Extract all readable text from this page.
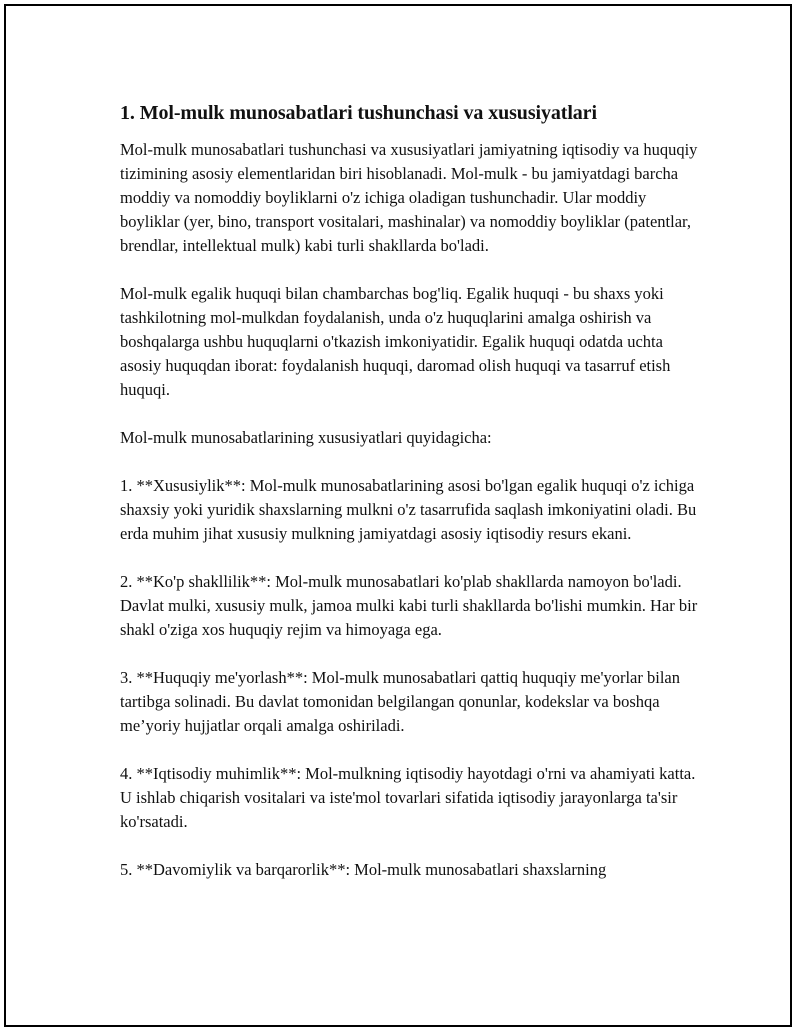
1. Mol-mulk munosabatlari tushunchasi va xususiyatlari

Mol-mulk munosabatlari tushunchasi va xususiyatlari jamiyatning iqtisodiy va huquqiy tizimining asosiy elementlaridan biri hisoblanadi. Mol-mulk - bu jamiyatdagi barcha moddiy va nomoddiy boyliklarni o'z ichiga oladigan tushunchadir. Ular moddiy boyliklar (yer, bino, transport vositalari, mashinalar) va nomoddiy boyliklar (patentlar, brendlar, intellektual mulk) kabi turli shakllarda bo'ladi.

Mol-mulk egalik huquqi bilan chambarchas bog'liq. Egalik huquqi - bu shaxs yoki tashkilotning mol-mulkdan foydalanish, unda o'z huquqlarini amalga oshirish va boshqalarga ushbu huquqlarni o'tkazish imkoniyatidir. Egalik huquqi odatda uchta asosiy huquqdan iborat: foydalanish huquqi, daromad olish huquqi va tasarruf etish huquqi.

Mol-mulk munosabatlarining xususiyatlari quyidagicha:

1. **Xususiylik**: Mol-mulk munosabatlarining asosi bo'lgan egalik huquqi o'z ichiga shaxsiy yoki yuridik shaxslarning mulkni o'z tasarrufida saqlash imkoniyatini oladi. Bu erda muhim jihat xususiy mulkning jamiyatdagi asosiy iqtisodiy resurs ekani.

2. **Ko'p shakllilik**: Mol-mulk munosabatlari ko'plab shakllarda namoyon bo'ladi. Davlat mulki, xususiy mulk, jamoa mulki kabi turli shakllarda bo'lishi mumkin. Har bir shakl o'ziga xos huquqiy rejim va himoyaga ega.

3. **Huquqiy me'yorlash**: Mol-mulk munosabatlari qattiq huquqiy me'yorlar bilan tartibga solinadi. Bu davlat tomonidan belgilangan qonunlar, kodekslar va boshqa me’yoriy hujjatlar orqali amalga oshiriladi.

4. **Iqtisodiy muhimlik**: Mol-mulkning iqtisodiy hayotdagi o'rni va ahamiyati katta. U ishlab chiqarish vositalari va iste'mol tovarlari sifatida iqtisodiy jarayonlarga ta'sir ko'rsatadi.

5. **Davomiylik va barqarorlik**: Mol-mulk munosabatlari shaxslarning
